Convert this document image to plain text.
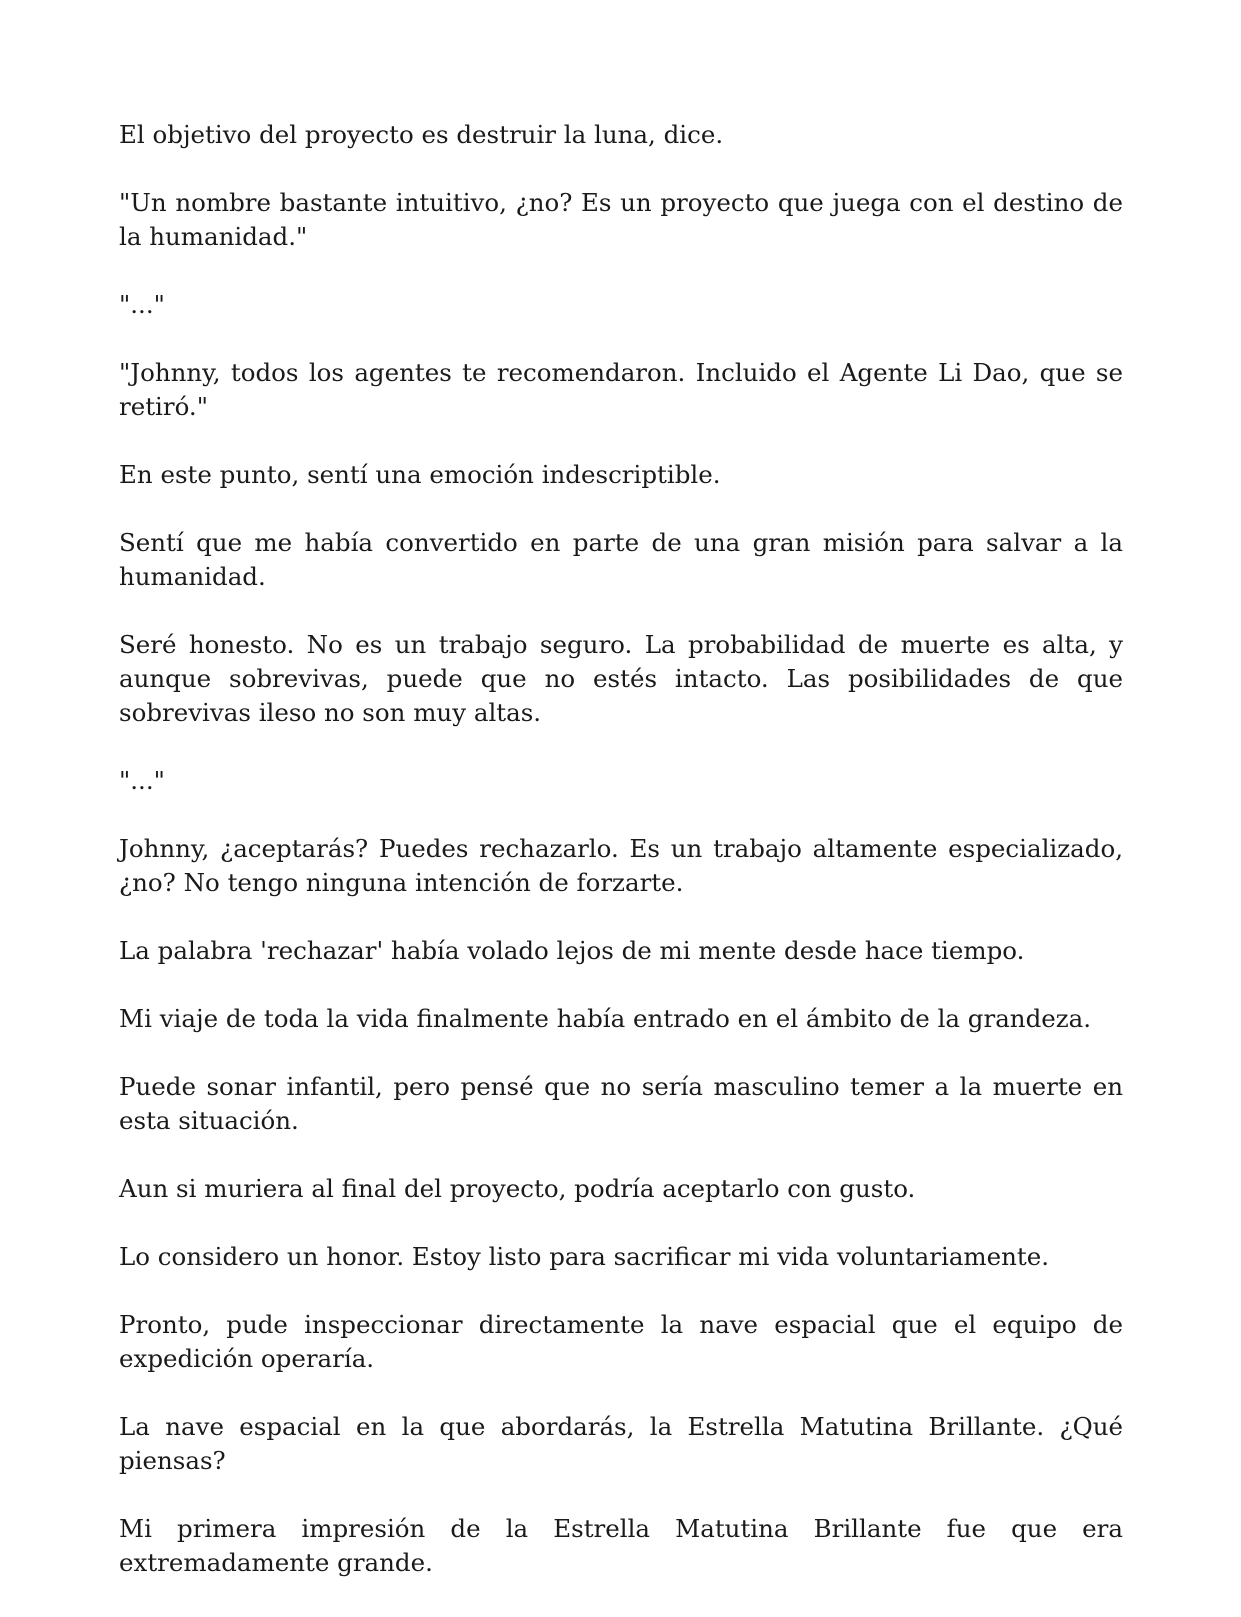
El objetivo del proyecto es destruir la luna, dice.

"Un nombre bastante intuitivo, ¿no? Es un proyecto que juega con el destino de la humanidad."

"..."

"Johnny, todos los agentes te recomendaron. Incluido el Agente Li Dao, que se retiró."

En este punto, sentí una emoción indescriptible.

Sentí que me había convertido en parte de una gran misión para salvar a la humanidad.

Seré honesto. No es un trabajo seguro. La probabilidad de muerte es alta, y aunque sobrevivas, puede que no estés intacto. Las posibilidades de que sobrevivas ileso no son muy altas.

"..."

Johnny, ¿aceptarás? Puedes rechazarlo. Es un trabajo altamente especializado, ¿no? No tengo ninguna intención de forzarte.

La palabra 'rechazar' había volado lejos de mi mente desde hace tiempo.

Mi viaje de toda la vida finalmente había entrado en el ámbito de la grandeza.

Puede sonar infantil, pero pensé que no sería masculino temer a la muerte en esta situación.

Aun si muriera al final del proyecto, podría aceptarlo con gusto.

Lo considero un honor. Estoy listo para sacrificar mi vida voluntariamente.

Pronto, pude inspeccionar directamente la nave espacial que el equipo de expedición operaría.

La nave espacial en la que abordarás, la Estrella Matutina Brillante. ¿Qué piensas?

Mi primera impresión de la Estrella Matutina Brillante fue que era extremadamente grande.
